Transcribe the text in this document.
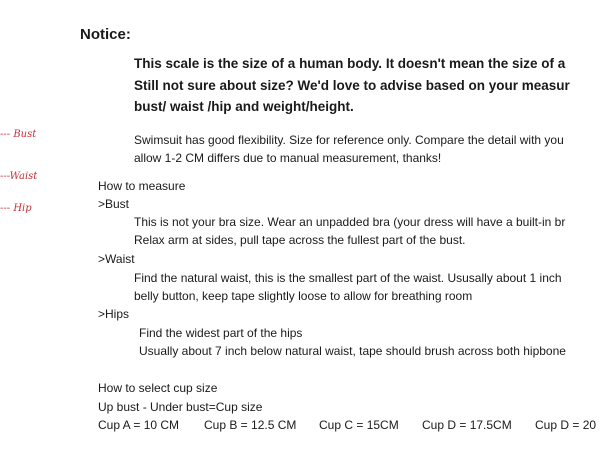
--- Bust
---Waist
--- Hip
Notice:
This scale is the size of a human body. It doesn't mean the size of a
Still not sure about size? We'd love to advise based on your measur
bust/ waist /hip and weight/height.
Swimsuit has good flexibility. Size for reference only. Compare the detail with you
allow 1-2 CM differs due to manual measurement, thanks!
How to measure
>Bust
This is not your bra size. Wear an unpadded bra (your dress will have a built-in br
Relax arm at sides, pull tape across the fullest part of the bust.
>Waist
Find the natural waist, this is the smallest part of the waist. Ususally about 1 inch
belly button, keep tape slightly loose to allow for breathing room
>Hips
Find the widest part of the hips
Usually about 7 inch below natural waist, tape should brush across both hipbone
How to select cup size
Up bust - Under bust=Cup size
Cup A = 10 CM Cup B = 12.5 CM Cup C = 15CM Cup D = 17.5CM Cup D = 20
